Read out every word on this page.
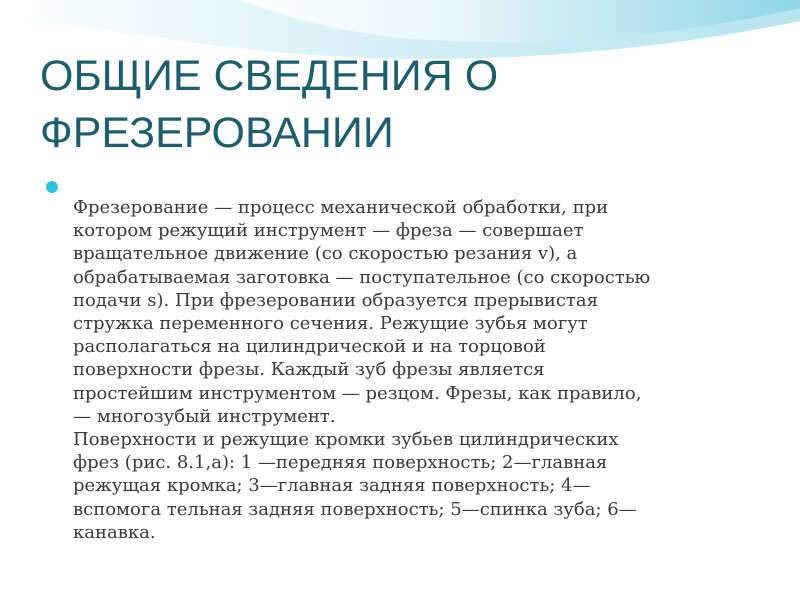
ОБЩИЕ СВЕДЕНИЯ О
ФРЕЗЕРОВАНИИ

Фрезерование — процесс механической обработки, при
котором режущий инструмент — фреза — совершает
вращательное движение (со скоростью резания v), а
обрабатываемая заготовка — поступательное (со скоростью
подачи s). При фрезеровании образуется прерывистая
стружка переменного сечения. Режущие зубья могут
располагаться на цилиндрической и на торцовой
поверхности фрезы. Каждый зуб фрезы является
простейшим инструментом — резцом. Фрезы, как правило,
— многозубый инструмент.

Поверхности и режущие кромки зубьев цилиндрических
фрез (рис. 8.1,а): 1 —передняя поверхность; 2—главная
режущая кромка; 3—главная задняя поверхность; 4—
вспомога тельная задняя поверхность; 5—спинка зуба; 6—
канавка.
